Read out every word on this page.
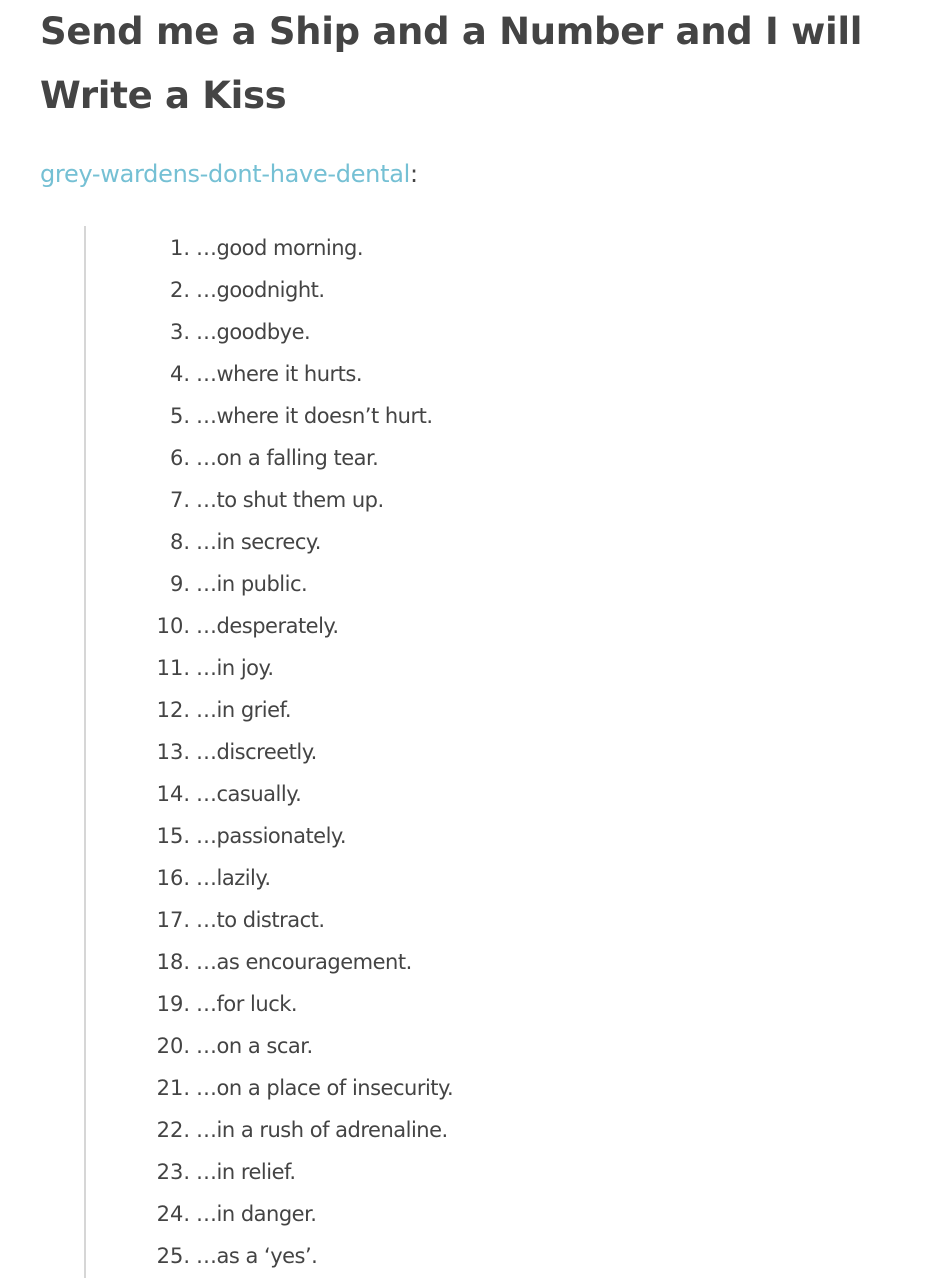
Send me a Ship and a Number and I will Write a Kiss
grey-wardens-dont-have-dental:
1. …good morning.
2. …goodnight.
3. …goodbye.
4. …where it hurts.
5. …where it doesn’t hurt.
6. …on a falling tear.
7. …to shut them up.
8. …in secrecy.
9. …in public.
10. …desperately.
11. …in joy.
12. …in grief.
13. …discreetly.
14. …casually.
15. …passionately.
16. …lazily.
17. …to distract.
18. …as encouragement.
19. …for luck.
20. …on a scar.
21. …on a place of insecurity.
22. …in a rush of adrenaline.
23. …in relief.
24. …in danger.
25. …as a ‘yes’.
